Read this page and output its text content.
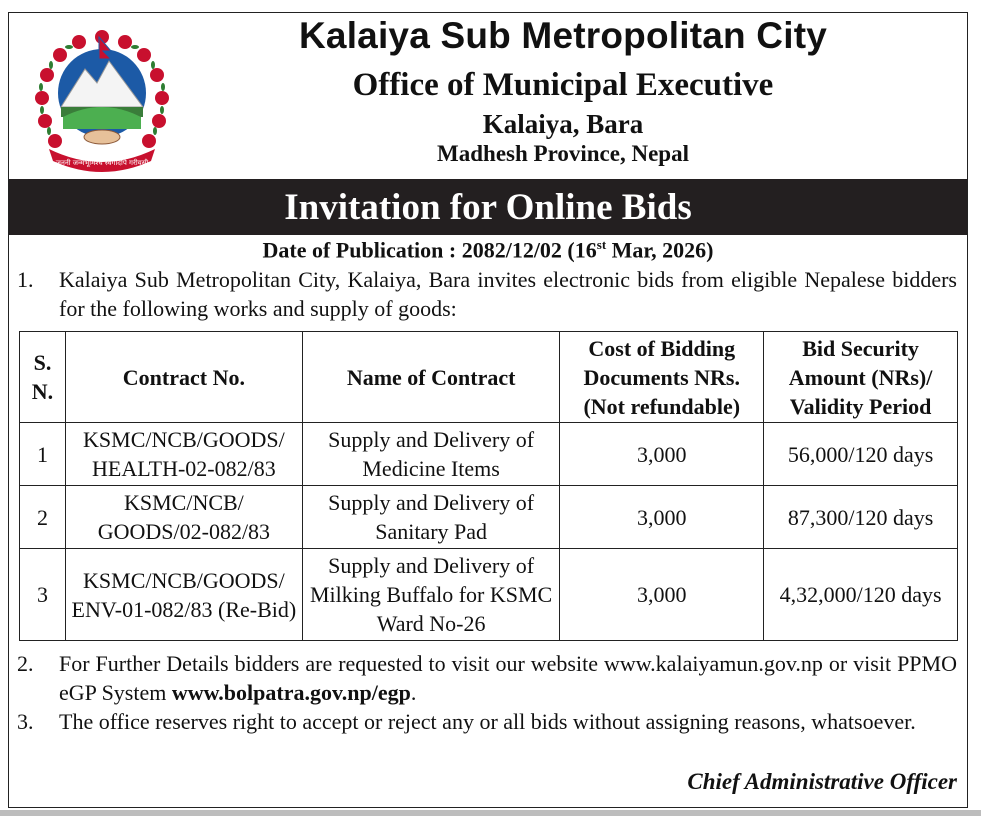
जननी जन्मभूमिश्च स्वर्गादपि गरीयसी
Kalaiya Sub Metropolitan City
Office of Municipal Executive
Kalaiya, Bara
Madhesh Province, Nepal
Invitation for Online Bids
Date of Publication : 2082/12/02 (16st Mar, 2026)
1. Kalaiya Sub Metropolitan City, Kalaiya, Bara invites electronic bids from eligible Nepalese bidders for the following works and supply of goods:
S. N.	Contract No.	Name of Contract	Cost of Bidding Documents NRs. (Not refundable)	Bid Security Amount (NRs)/ Validity Period
1	KSMC/NCB/GOODS/ HEALTH-02-082/83	Supply and Delivery of Medicine Items	3,000	56,000/120 days
2	KSMC/NCB/ GOODS/02-082/83	Supply and Delivery of Sanitary Pad	3,000	87,300/120 days
3	KSMC/NCB/GOODS/ ENV-01-082/83 (Re-Bid)	Supply and Delivery of Milking Buffalo for KSMC Ward No-26	3,000	4,32,000/120 days
2. For Further Details bidders are requested to visit our website www.kalaiyamun.gov.np or visit PPMO eGP System www.bolpatra.gov.np/egp.
3. The office reserves right to accept or reject any or all bids without assigning reasons, whatsoever.
Chief Administrative Officer
